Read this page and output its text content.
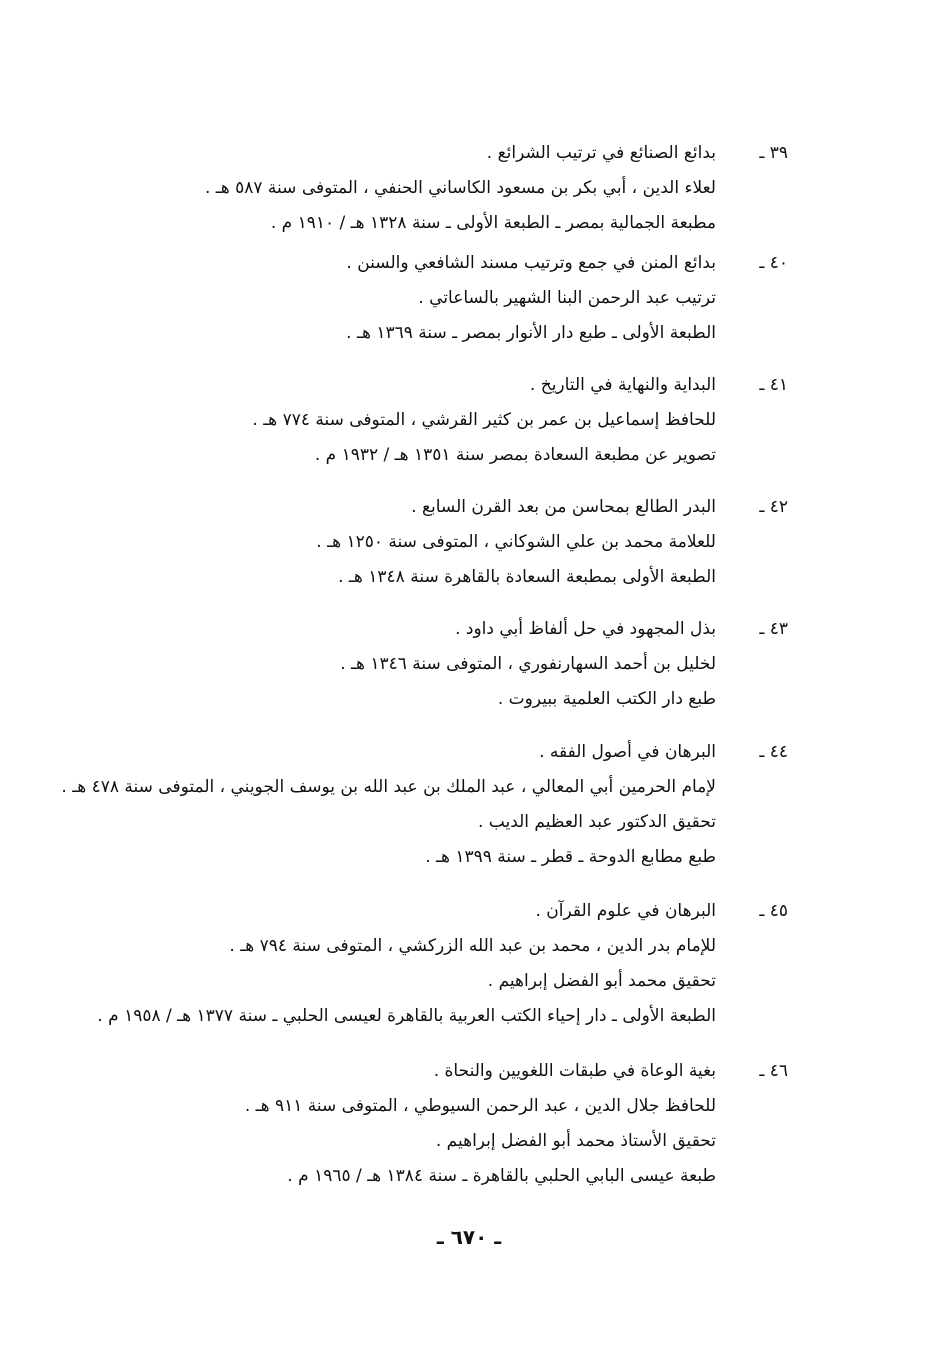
٣٩ ـ
بدائع الصنائع في ترتيب الشرائع .
لعلاء الدين ، أبي بكر بن مسعود الكاساني الحنفي ، المتوفى سنة ٥٨٧ هـ .
مطبعة الجمالية بمصر ـ الطبعة الأولى ـ سنة ١٣٢٨ هـ / ١٩١٠ م .
٤٠ ـ
بدائع المنن في جمع وترتيب مسند الشافعي والسنن .
ترتيب عبد الرحمن البنا الشهير بالساعاتي .
الطبعة الأولى ـ طبع دار الأنوار بمصر ـ سنة ١٣٦٩ هـ .
٤١ ـ
البداية والنهاية في التاريخ .
للحافظ إسماعيل بن عمر بن كثير القرشي ، المتوفى سنة ٧٧٤ هـ .
تصوير عن مطبعة السعادة بمصر سنة ١٣٥١ هـ / ١٩٣٢ م .
٤٢ ـ
البدر الطالع بمحاسن من بعد القرن السابع .
للعلامة محمد بن علي الشوكاني ، المتوفى سنة ١٢٥٠ هـ .
الطبعة الأولى بمطبعة السعادة بالقاهرة سنة ١٣٤٨ هـ .
٤٣ ـ
بذل المجهود في حل ألفاظ أبي داود .
لخليل بن أحمد السهارنفوري ، المتوفى سنة ١٣٤٦ هـ .
طبع دار الكتب العلمية ببيروت .
٤٤ ـ
البرهان في أصول الفقه .
لإمام الحرمين أبي المعالي ، عبد الملك بن عبد الله بن يوسف الجويني ، المتوفى سنة ٤٧٨ هـ .
تحقيق الدكتور عبد العظيم الديب .
طبع مطابع الدوحة ـ قطر ـ سنة ١٣٩٩ هـ .
٤٥ ـ
البرهان في علوم القرآن .
للإمام بدر الدين ، محمد بن عبد الله الزركشي ، المتوفى سنة ٧٩٤ هـ .
تحقيق محمد أبو الفضل إبراهيم .
الطبعة الأولى ـ دار إحياء الكتب العربية بالقاهرة لعيسى الحلبي ـ سنة ١٣٧٧ هـ / ١٩٥٨ م .
٤٦ ـ
بغية الوعاة في طبقات اللغويين والنحاة .
للحافظ جلال الدين ، عبد الرحمن السيوطي ، المتوفى سنة ٩١١ هـ .
تحقيق الأستاذ محمد أبو الفضل إبراهيم .
طبعة عيسى البابي الحلبي بالقاهرة ـ سنة ١٣٨٤ هـ / ١٩٦٥ م .
ـ ٦٧٠ ـ
